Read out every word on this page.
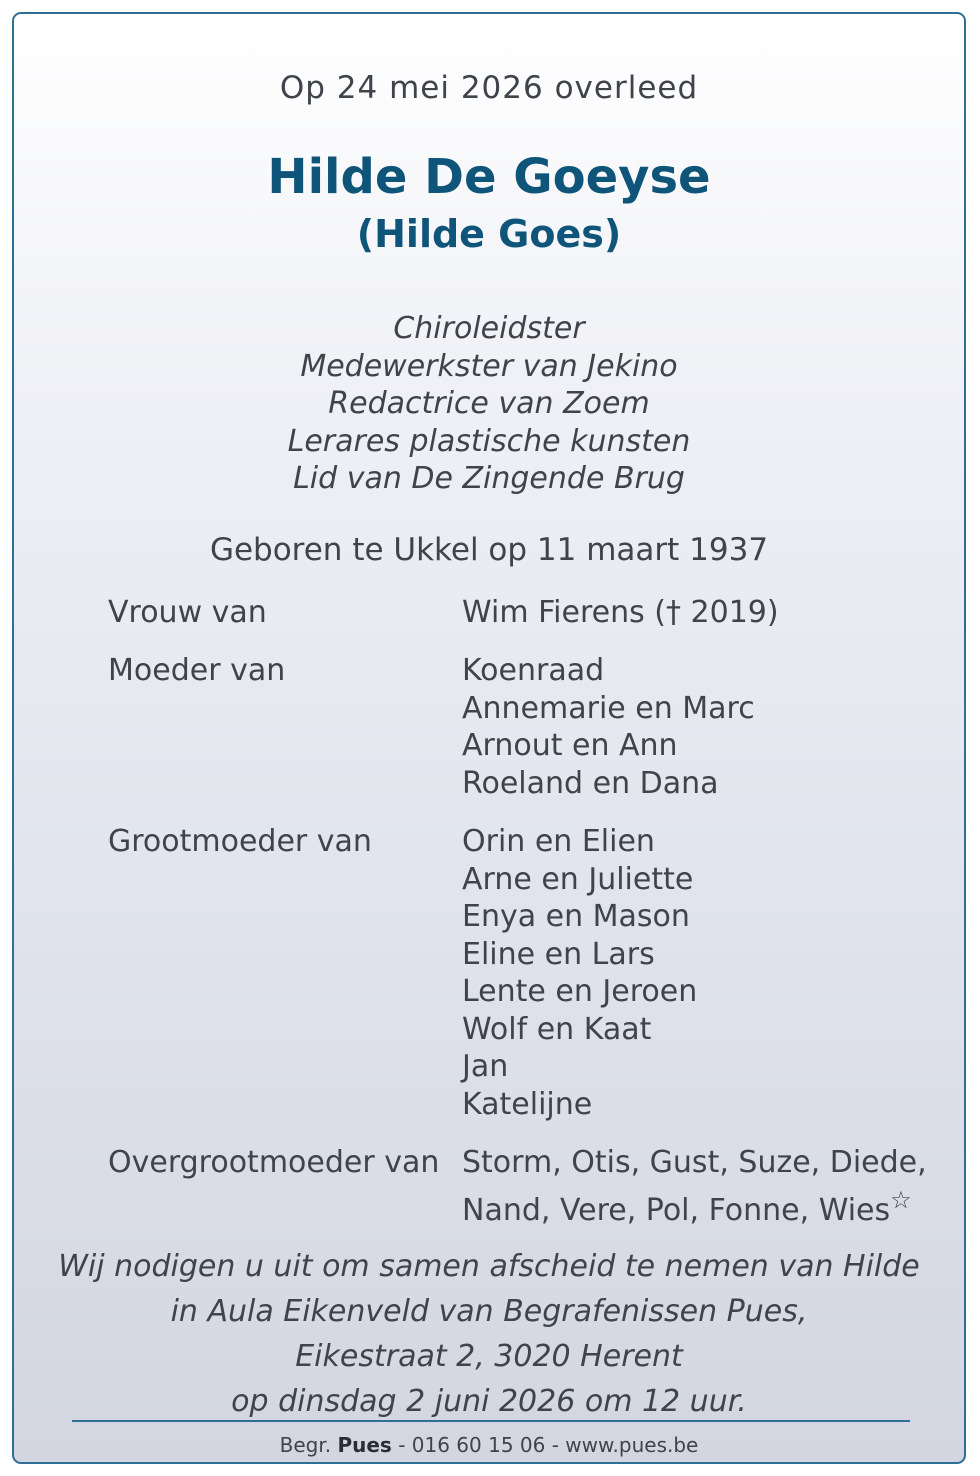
Op 24 mei 2026 overleed
Hilde De Goeyse
(Hilde Goes)
Chiroleidster
Medewerkster van Jekino
Redactrice van Zoem
Lerares plastische kunsten
Lid van De Zingende Brug
Geboren te Ukkel op 11 maart 1937
Vrouw van	Wim Fierens († 2019)
Moeder van	Koenraad
Annemarie en Marc
Arnout en Ann
Roeland en Dana
Grootmoeder van	Orin en Elien
Arne en Juliette
Enya en Mason
Eline en Lars
Lente en Jeroen
Wolf en Kaat
Jan
Katelijne
Overgrootmoeder van Storm, Otis, Gust, Suze, Diede,
Nand, Vere, Pol, Fonne, Wies☆
Wij nodigen u uit om samen afscheid te nemen van Hilde
in Aula Eikenveld van Begrafenissen Pues,
Eikestraat 2, 3020 Herent
op dinsdag 2 juni 2026 om 12 uur.
Begr. Pues - 016 60 15 06 - www.pues.be
